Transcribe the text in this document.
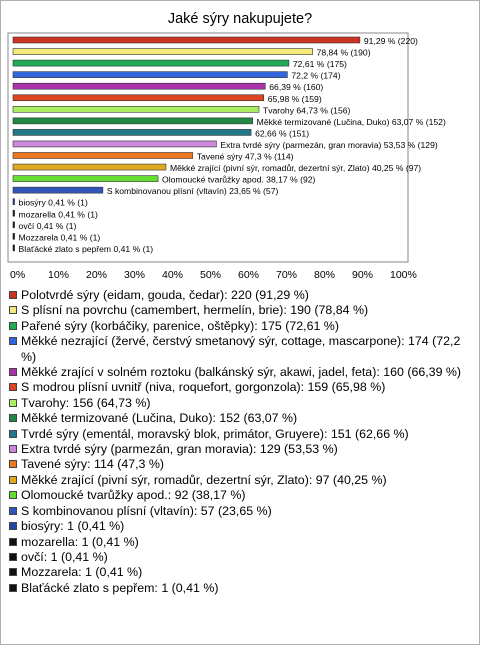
Jaké sýry nakupujete?
91,29 % (220)
78,84 % (190)
72,61 % (175)
72,2 % (174)
66,39 % (160)
65,98 % (159)
Tvarohy 64,73 % (156)
Měkké termizované (Lučina, Duko) 63,07 % (152)
62,66 % (151)
Extra tvrdé sýry (parmezán, gran moravia) 53,53 % (129)
Tavené sýry 47,3 % (114)
Měkké zrající (pivní sýr, romadůr, dezertní sýr, Zlato) 40,25 % (97)
Olomoucké tvarůžky apod. 38,17 % (92)
S kombinovanou plísní (vltavín) 23,65 % (57)
biosýry 0,41 % (1)
mozarella 0,41 % (1)
ovčí 0,41 % (1)
Mozzarela 0,41 % (1)
Blaťácké zlato s pepřem 0,41 % (1)
0% 10% 20% 30% 40% 50% 60% 70% 80% 90% 100%
Polotvrdé sýry (eidam, gouda, čedar): 220 (91,29 %)
S plísní na povrchu (camembert, hermelín, brie): 190 (78,84 %)
Pařené sýry (korbáčiky, parenice, oštěpky): 175 (72,61 %)
Měkké nezrající (žervé, čerstvý smetanový sýr, cottage, mascarpone): 174 (72,2 %)
Měkké zrající v solném roztoku (balkánský sýr, akawi, jadel, feta): 160 (66,39 %)
S modrou plísní uvnitř (niva, roquefort, gorgonzola): 159 (65,98 %)
Tvarohy: 156 (64,73 %)
Měkké termizované (Lučina, Duko): 152 (63,07 %)
Tvrdé sýry (ementál, moravský blok, primátor, Gruyere): 151 (62,66 %)
Extra tvrdé sýry (parmezán, gran moravia): 129 (53,53 %)
Tavené sýry: 114 (47,3 %)
Měkké zrající (pivní sýr, romadůr, dezertní sýr, Zlato): 97 (40,25 %)
Olomoucké tvarůžky apod.: 92 (38,17 %)
S kombinovanou plísní (vltavín): 57 (23,65 %)
biosýry: 1 (0,41 %)
mozarella: 1 (0,41 %)
ovčí: 1 (0,41 %)
Mozzarela: 1 (0,41 %)
Blaťácké zlato s pepřem: 1 (0,41 %)
